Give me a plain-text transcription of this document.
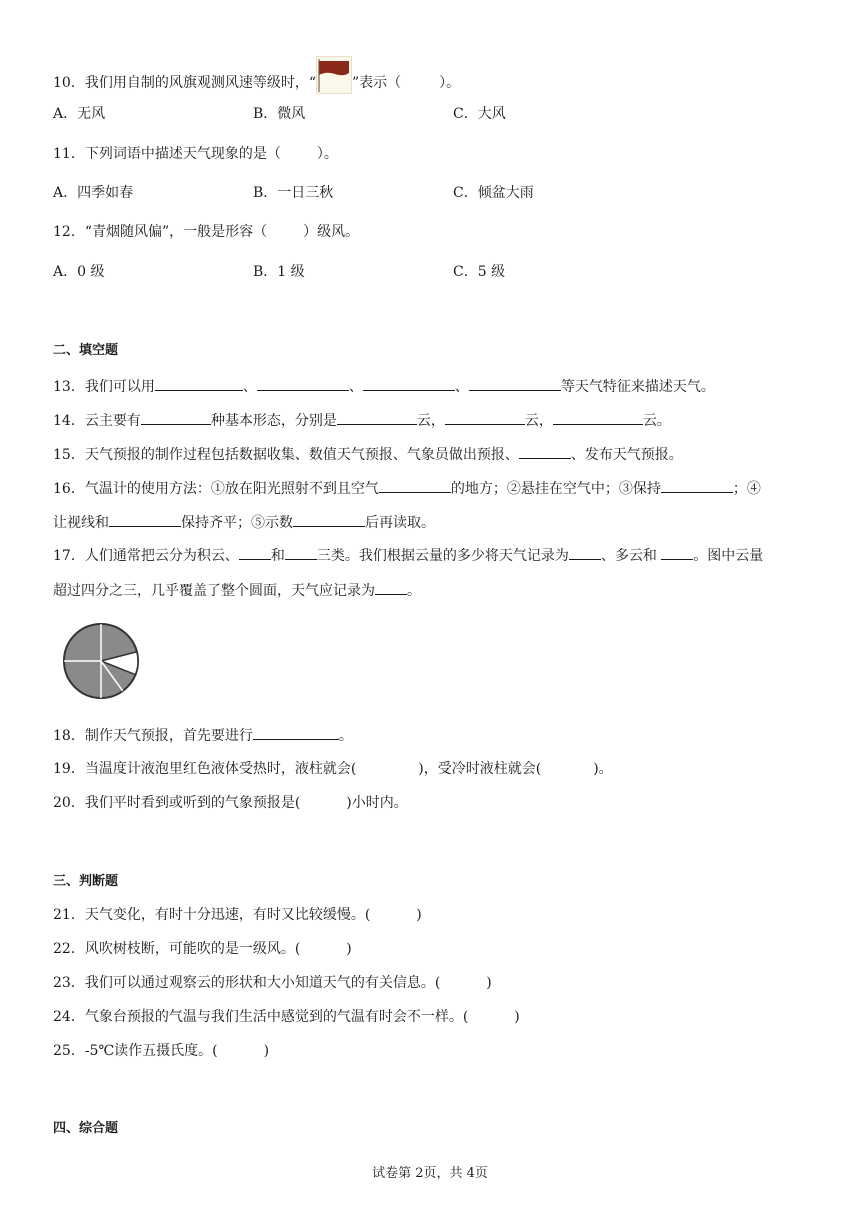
10．我们用自制的风旗观测风速等级时，“	”表示（	）。
A．无风	B．微风	C．大风
11．下列词语中描述天气现象的是（	）。
A．四季如春	B．一日三秋	C．倾盆大雨
12．“青烟随风偏”，一般是形容（	）级风。
A．0 级	B．1 级	C．5 级
二、填空题
13．我们可以用	、	、	、	等天气特征来描述天气。
14．云主要有	种基本形态，分别是	云，	云，	云。
15．天气预报的制作过程包括数据收集、数值天气预报、气象员做出预报、	、发布天气预报。
16．气温计的使用方法：①放在阳光照射不到且空气	的地方；②悬挂在空气中；③保持	；④
让视线和	保持齐平；⑤示数	后再读取。
17．人们通常把云分为积云、 和 三类。我们根据云量的多少将天气记录为 、多云和 。图中云量
超过四分之三，几乎覆盖了整个圆面，天气应记录为 。
18．制作天气预报，首先要进行	。
19．当温度计液泡里红色液体受热时，液柱就会(	)，受冷时液柱就会(	)。
20．我们平时看到或听到的气象预报是(	)小时内。
三、判断题
21．天气变化，有时十分迅速，有时又比较缓慢。(	)
22．风吹树枝断，可能吹的是一级风。(	)
23．我们可以通过观察云的形状和大小知道天气的有关信息。(	)
24．气象台预报的气温与我们生活中感觉到的气温有时会不一样。(	)
25．-5℃读作五摄氏度。(	)
四、综合题
试卷第 2页，共 4页
